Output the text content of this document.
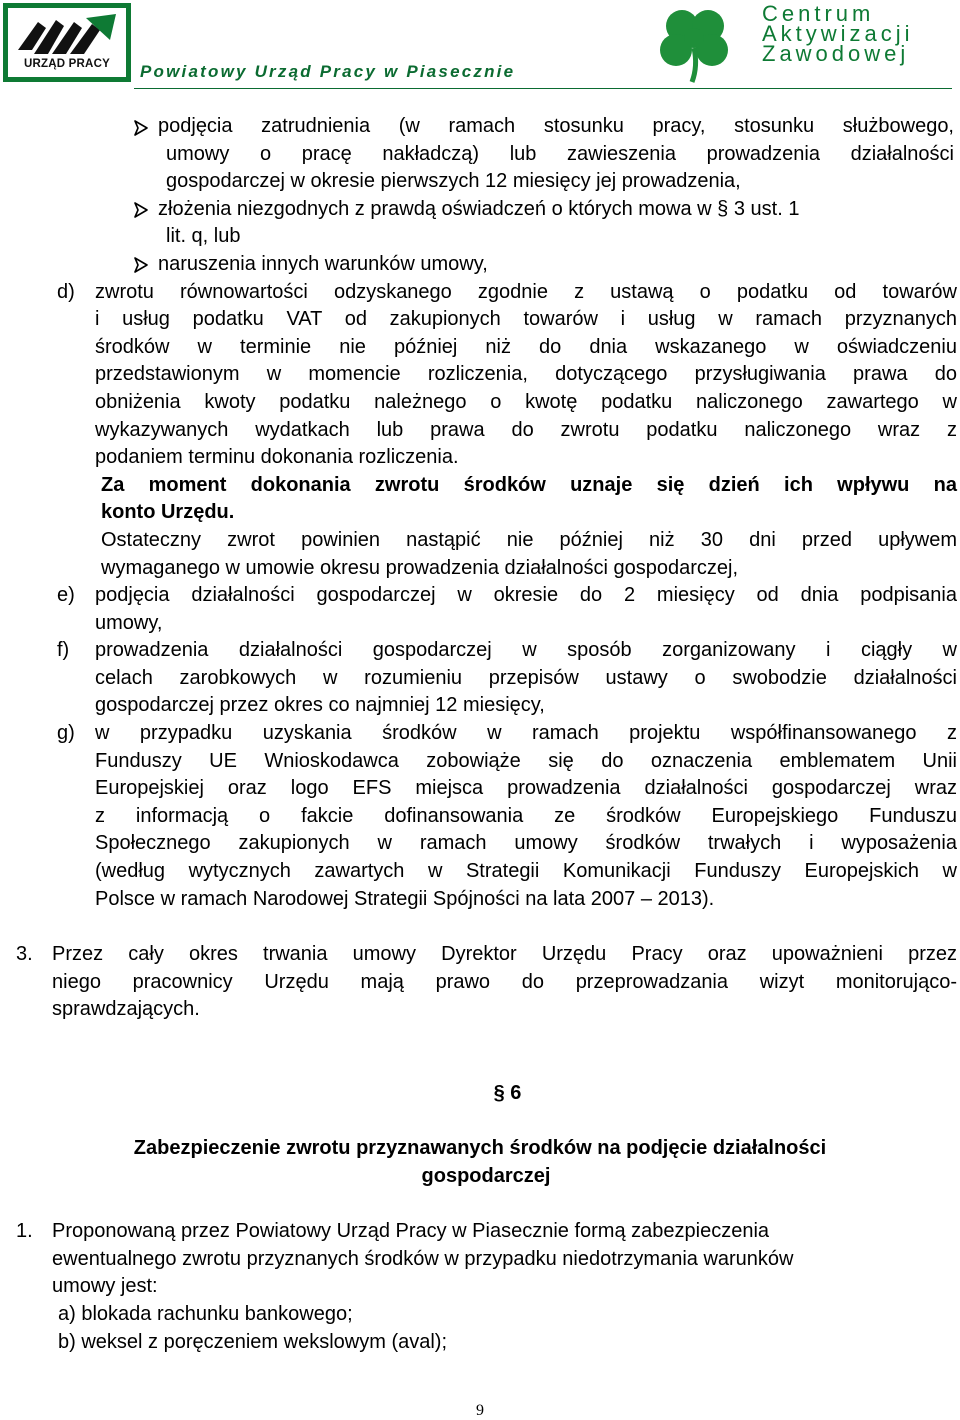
URZĄD PRACY	Powiatowy Urząd Pracy w Piasecznie
Centrum
Aktywizacji
Zawodowej
podjęcia zatrudnienia (w ramach stosunku pracy, stosunku służbowego,
umowy o pracę nakładczą) lub zawieszenia prowadzenia działalności
gospodarczej w okresie pierwszych 12 miesięcy jej prowadzenia,
złożenia niezgodnych z prawdą oświadczeń o których mowa w § 3 ust. 1
lit. q, lub
naruszenia innych warunków umowy,
d) zwrotu równowartości odzyskanego zgodnie z ustawą o podatku od towarów
i usług podatku VAT od zakupionych towarów i usług w ramach przyznanych
środków w terminie nie później niż do dnia wskazanego w oświadczeniu
przedstawionym w momencie rozliczenia, dotyczącego przysługiwania prawa do
obniżenia kwoty podatku należnego o kwotę podatku naliczonego zawartego w
wykazywanych wydatkach lub prawa do zwrotu podatku naliczonego wraz z
podaniem terminu dokonania rozliczenia.
Za moment dokonania zwrotu środków uznaje się dzień ich wpływu na
konto Urzędu.
Ostateczny zwrot powinien nastąpić nie później niż 30 dni przed upływem
wymaganego w umowie okresu prowadzenia działalności gospodarczej,
e) podjęcia działalności gospodarczej w okresie do 2 miesięcy od dnia podpisania
umowy,
f) prowadzenia działalności gospodarczej w sposób zorganizowany i ciągły w
celach zarobkowych w rozumieniu przepisów ustawy o swobodzie działalności
gospodarczej przez okres co najmniej 12 miesięcy,
g) w przypadku uzyskania środków w ramach projektu współfinansowanego z
Funduszy UE Wnioskodawca zobowiąże się do oznaczenia emblematem Unii
Europejskiej oraz logo EFS miejsca prowadzenia działalności gospodarczej wraz
z informacją o fakcie dofinansowania ze środków Europejskiego Funduszu
Społecznego zakupionych w ramach umowy środków trwałych i wyposażenia
(według wytycznych zawartych w Strategii Komunikacji Funduszy Europejskich w
Polsce w ramach Narodowej Strategii Spójności na lata 2007 – 2013).
3. Przez cały okres trwania umowy Dyrektor Urzędu Pracy oraz upoważnieni przez
niego pracownicy Urzędu mają prawo do przeprowadzania wizyt monitorująco-
sprawdzających.
§ 6
Zabezpieczenie zwrotu przyznawanych środków na podjęcie działalności
gospodarczej
1. Proponowaną przez Powiatowy Urząd Pracy w Piasecznie formą zabezpieczenia
ewentualnego zwrotu przyznanych środków w przypadku niedotrzymania warunków
umowy jest:
a) blokada rachunku bankowego;
b) weksel z poręczeniem wekslowym (aval);
9
